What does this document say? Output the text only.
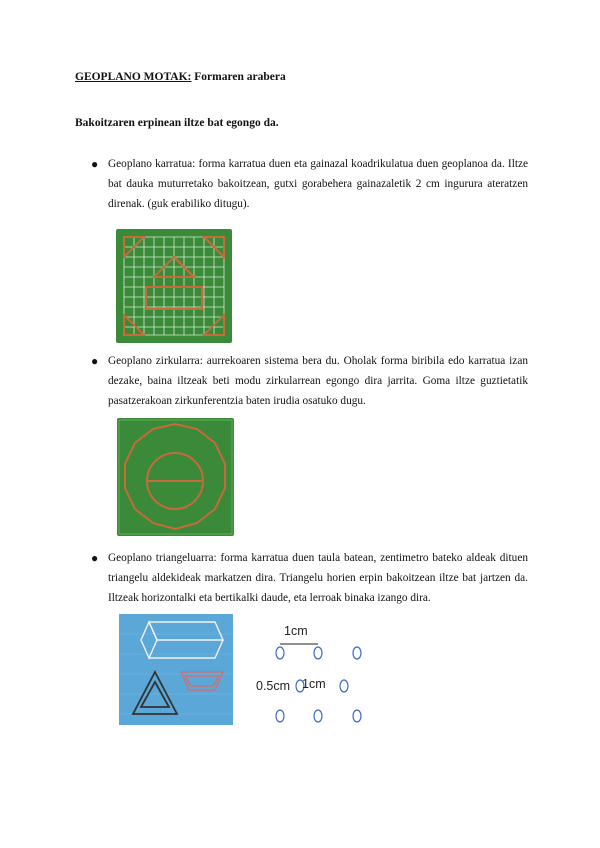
GEOPLANO MOTAK: Formaren arabera
Bakoitzaren erpinean iltze bat egongo da.
● Geoplano karratua: forma karratua duen eta gainazal koadrikulatua duen geoplanoa da. Iltze bat dauka muturretako bakoitzean, gutxi gorabehera gainazaletik 2 cm ingurura ateratzen direnak. (guk erabiliko ditugu).
● Geoplano zirkularra: aurrekoaren sistema bera du. Oholak forma biribila edo karratua izan dezake, baina iltzeak beti modu zirkularrean egongo dira jarrita. Goma iltze guztietatik pasatzerakoan zirkunferentzia baten irudia osatuko dugu.
● Geoplano triangeluarra: forma karratua duen taula batean, zentimetro bateko aldeak dituen triangelu aldekideak markatzen dira. Triangelu horien erpin bakoitzean iltze bat jartzen da. Iltzeak horizontalki eta bertikalki daude, eta lerroak binaka izango dira.
1cm
0.5cm 1cm
